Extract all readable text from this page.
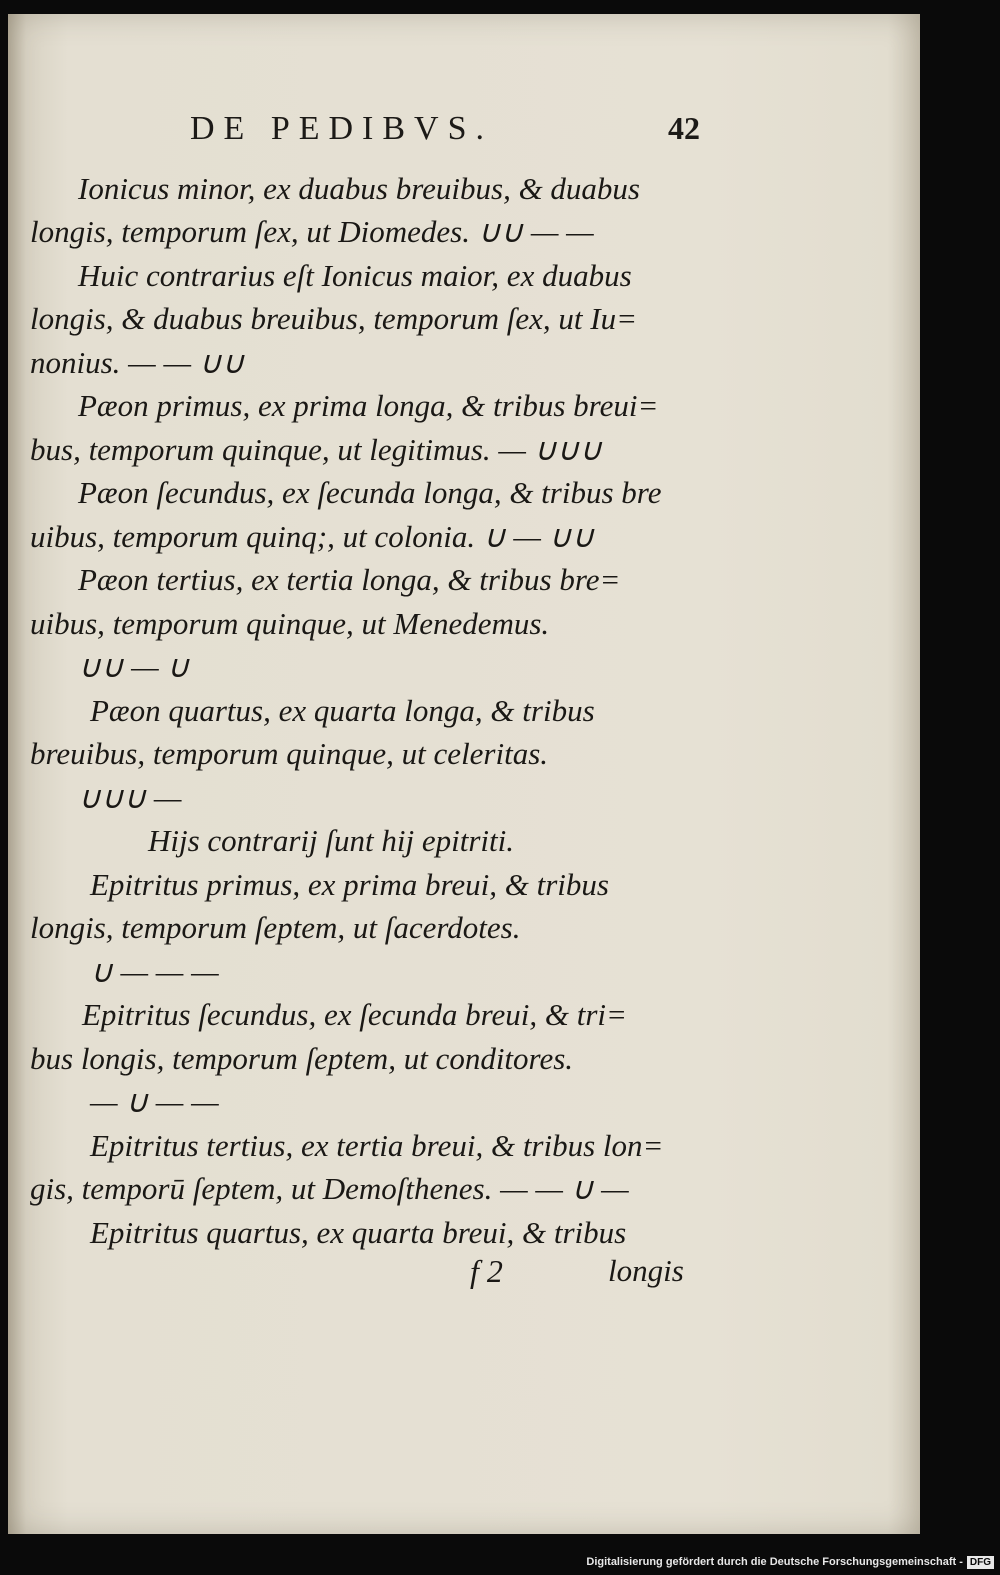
DE PEDIBVS.	42
Ionicus minor, ex duabus breuibus, & duabus
longis, temporum ſex, ut Diomedes. ∪∪ — —
Huic contrarius eſt Ionicus maior, ex duabus
longis, & duabus breuibus, temporum ſex, ut Iu=
nonius. — — ∪∪
Pæon primus, ex prima longa, & tribus breui=
bus, temporum quinque, ut legitimus. — ∪∪∪
Pæon ſecundus, ex ſecunda longa, & tribus bre
uibus, temporum quinq;, ut colonia. ∪ — ∪∪
Pæon tertius, ex tertia longa, & tribus bre=
uibus, temporum quinque, ut Menedemus.
∪∪ — ∪
Pæon quartus, ex quarta longa, & tribus
breuibus, temporum quinque, ut celeritas.
∪∪∪ —
Hijs contrarij ſunt hij epitriti.
Epitritus primus, ex prima breui, & tribus
longis, temporum ſeptem, ut ſacerdotes.
∪ — — —
Epitritus ſecundus, ex ſecunda breui, & tri=
bus longis, temporum ſeptem, ut conditores.
— ∪ — —
Epitritus tertius, ex tertia breui, & tribus lon=
gis, temporū ſeptem, ut Demoſthenes. — — ∪ —
Epitritus quartus, ex quarta breui, & tribus
f 2	longis
Digitalisierung gefördert durch die Deutsche Forschungsgemeinschaft - DFG
